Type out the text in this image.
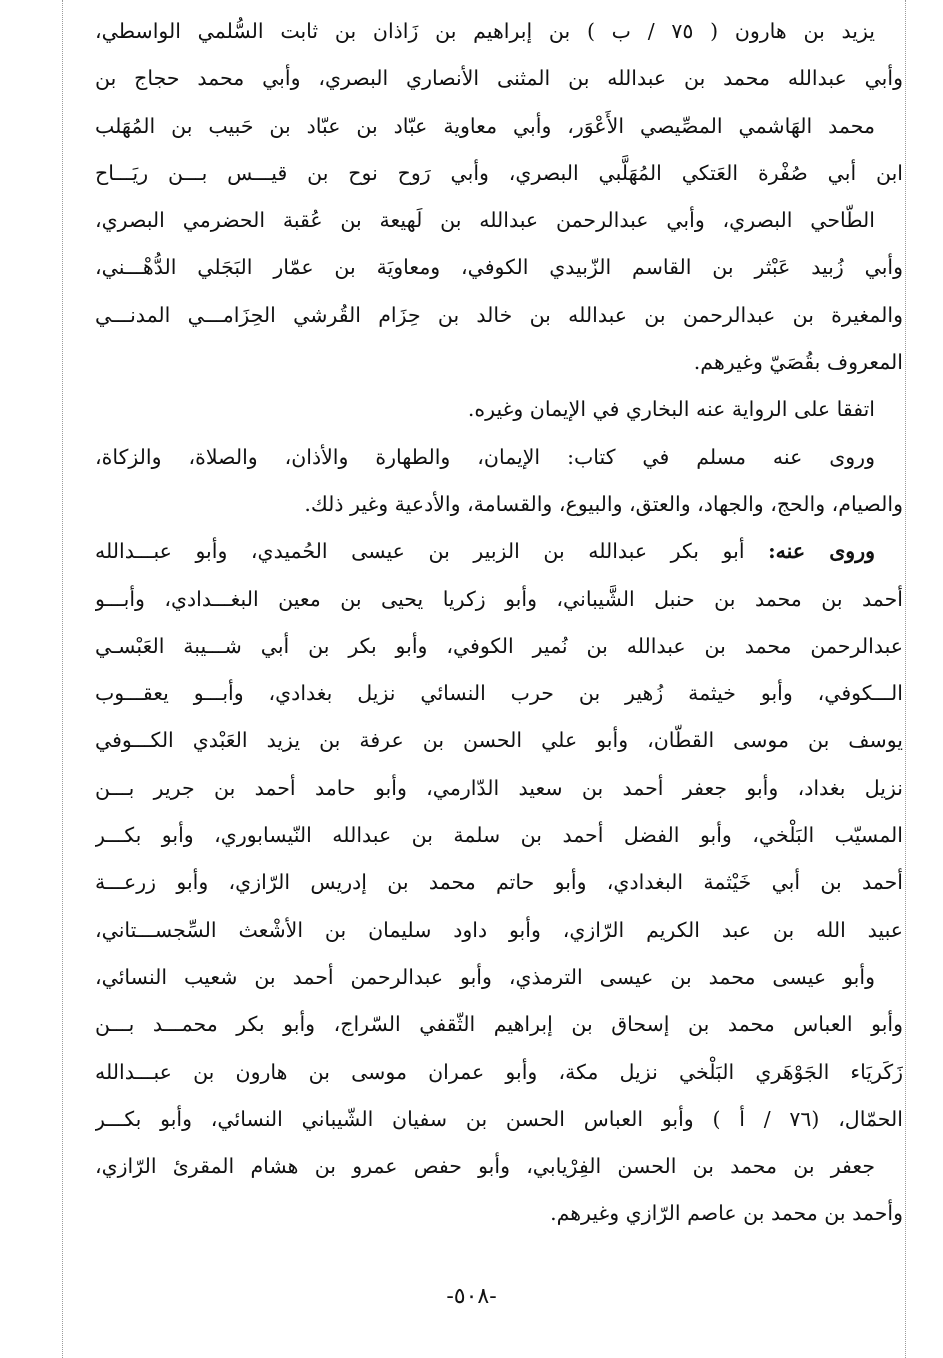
يزيد بن هارون ( ٧٥ / ب ) بن إبراهيم بن زَاذان بن ثابت السُّلمي الواسطي،
وأبي عبدالله محمد بن عبدالله بن المثنى الأنصاري البصري، وأبي محمد حجاج بن
محمد الهَاشمي المصِّيصي الأَعْوَر، وأبي معاوية عبّاد بن عبّاد بن حَبيب بن المُهَلب
ابن أبي صُفْرة العَتكي المُهَلَّبي البصري، وأبي رَوح نوح بن قيـــس بـــن ريَـــاح
الطّاحي البصري، وأبي عبدالرحمن عبدالله بن لَهيعة بن عُقبة الحضرمي البصري،
وأبي زُبيد عَبْثر بن القاسم الزّبيدي الكوفي، ومعاويَة بن عمّار البَجَلي الدُّهْـــني،
والمغيرة بن عبدالرحمن بن عبدالله بن خالد بن حِزَام القُرشي الحِزَامـــي المدنـــي
المعروف بقُصَيّ وغيرهم.
اتفقا على الرواية عنه البخاري في الإيمان وغيره.
وروى عنه مسلم في كتاب: الإيمان، والطهارة والأذان، والصلاة، والزكاة،
والصيام، والحج، والجهاد، والعتق، والبيوع، والقسامة، والأدعية وغير ذلك.
وروى عنه: أبو بكر عبدالله بن الزبير بن عيسى الحُميدي، وأبو عبـــدالله
أحمد بن محمد بن حنبل الشَّيباني، وأبو زكريا يحيى بن معين البغـــدادي، وأبـــو
عبدالرحمن محمد بن عبدالله بن نُمير الكوفي، وأبو بكر بن أبي شـــيبة العَبْسـي
الـــكوفي، وأبو خيثمة زُهير بن حرب النسائي نزيل بغدادي، وأبـــو يعقـــوب
يوسف بن موسى القطّان، وأبو علي الحسن بن عرفة بن يزيد العَبْدي الكـــوفي
نزيل بغداد، وأبو جعفر أحمد بن سعيد الدّارمي، وأبو حامد أحمد بن جرير بـــن
المسيّب البَلْخي، وأبو الفضل أحمد بن سلمة بن عبدالله النّيسابوري، وأبو بكـــر
أحمد بن أبي خَيْثمة البغدادي، وأبو حاتم محمد بن إدريس الرّازي، وأبو زرعـــة
عبيد الله بن عبد الكريم الرّازي، وأبو داود سليمان بن الأشْعث السِّجســـتاني،
وأبو عيسى محمد بن عيسى الترمذي، وأبو عبدالرحمن أحمد بن شعيب النسائي،
وأبو العباس محمد بن إسحاق بن إبراهيم الثّقفي السّراج، وأبو بكر محمـــد بـــن
زَكَريَاء الجَوْهَري البَلْخي نزيل مكة، وأبو عمران موسى بن هارون بن عبـــدالله
الحمّال، (٧٦ / أ ) وأبو العباس الحسن بن سفيان الشّيباني النسائي، وأبو بكـــر
جعفر بن محمد بن الحسن الفِرْيابي، وأبو حفص عمرو بن هشام المقرئ الرّازي،
وأحمد بن محمد بن عاصم الرّازي وغيرهم.
-٥٠٨-
